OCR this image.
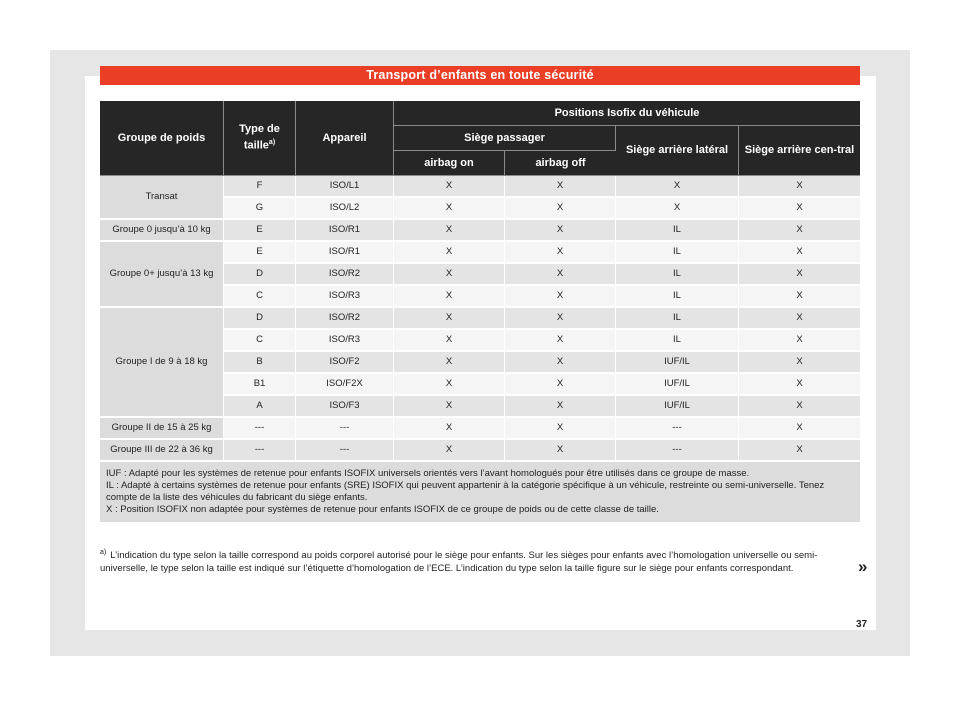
Transport d’enfants en toute sécurité
Groupe de poids	Type de taille$^{a)}$	Appareil	Positions Isofix du véhicule			
			Siège passager		Siège arrière latéral	Siège arrière cen-tral
			airbag on	airbag off		
Transat	F	ISO/L1	X	X	X	X
	G	ISO/L2	X	X	X	X
Groupe 0 jusqu’à 10 kg	E	ISO/R1	X	X	IL	X
Groupe 0+ jusqu’à 13 kg	E	ISO/R1	X	X	IL	X
	D	ISO/R2	X	X	IL	X
	C	ISO/R3	X	X	IL	X
Groupe I de 9 à 18 kg	D	ISO/R2	X	X	IL	X
	C	ISO/R3	X	X	IL	X
	B	ISO/F2	X	X	IUF/IL	X
	B1	ISO/F2X	X	X	IUF/IL	X
	A	ISO/F3	X	X	IUF/IL	X
Groupe II de 15 à 25 kg	---	---	X	X	---	X
Groupe III de 22 à 36 kg	---	---	X	X	---	X

IUF : Adapté pour les systèmes de retenue pour enfants ISOFIX universels orientés vers l’avant homologués pour être utilisés dans ce groupe de masse.
IL : Adapté à certains systèmes de retenue pour enfants (SRE) ISOFIX qui peuvent appartenir à la catégorie spécifique à un véhicule, restreinte ou semi-universelle. Tenez compte de la liste des véhicules du fabricant du siège enfants.
X : Position ISOFIX non adaptée pour systèmes de retenue pour enfants ISOFIX de ce groupe de poids ou de cette classe de taille.						
$^{a)}$ L’indication du type selon la taille correspond au poids corporel autorisé pour le siège pour enfants. Sur les sièges pour enfants avec l’homologation universelle ou semi-universelle, le type selon la taille est indiqué sur l’étiquette d’homologation de l’ECE. L’indication du type selon la taille figure sur le siège pour enfants correspondant.	»
37
